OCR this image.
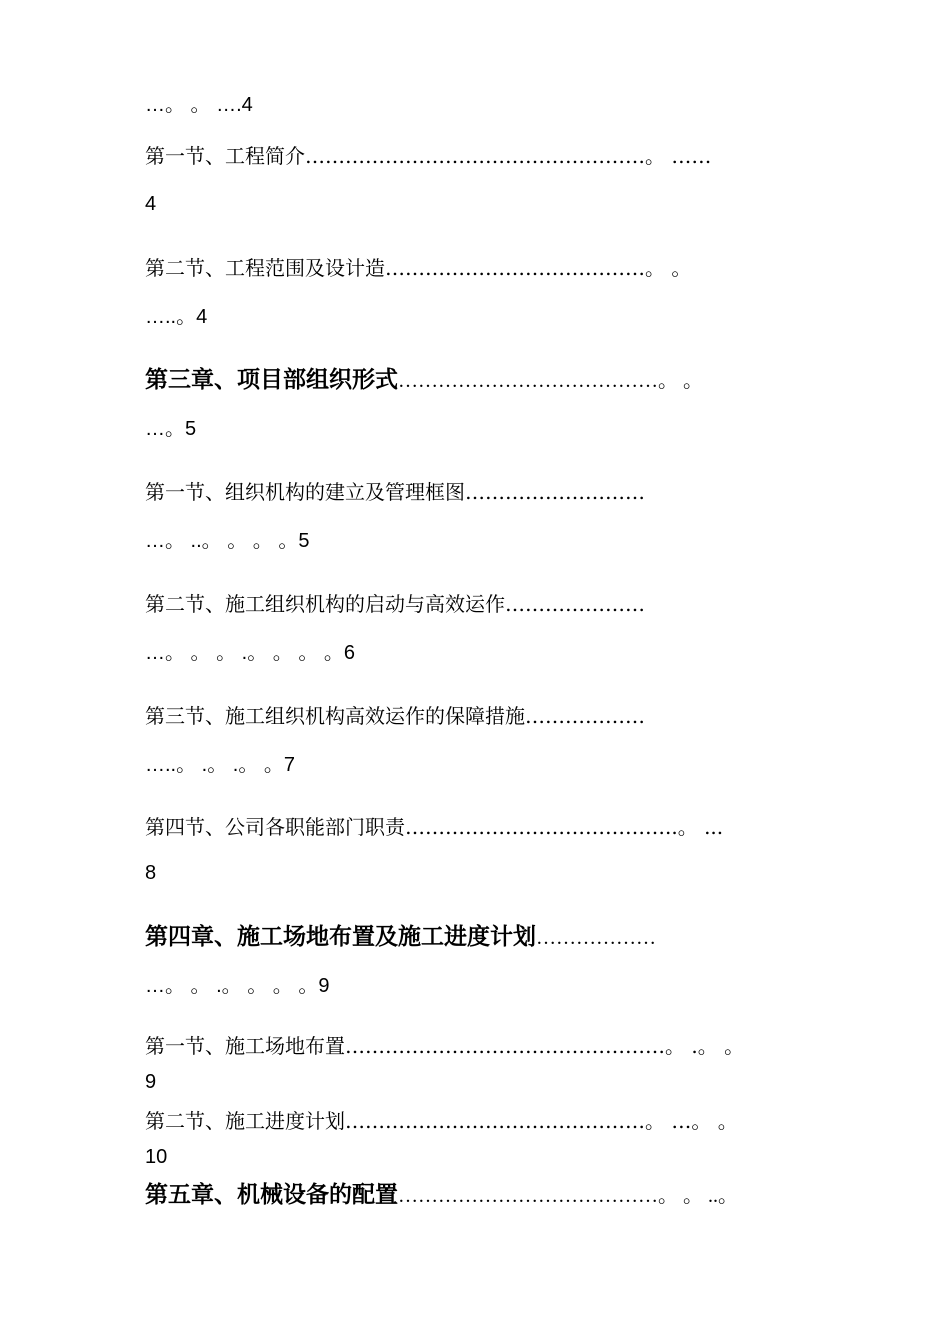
…。 。 ….4
第一节、工程简介……………………………………………。 ……
4
第二节、工程范围及设计造…………………………………。 。
…..。4
第三章、项目部组织形式…………………………………。 。
…。5
第一节、组织机构的建立及管理框图………………………
…。 ..。 。 。 。5
第二节、施工组织机构的启动与高效运作…………………
…。 。 。 .。 。 。 。6
第三节、施工组织机构高效运作的保障措施………………
…..。 .。 .。 。7
第四节、公司各职能部门职责…………………………………..。 ...
8
第四章、施工场地布置及施工进度计划………………
…。 。 .。 。 。 。9
第一节、施工场地布置…………………………………………。 .。 。
9
第二节、施工进度计划………………………………………。 …。 。
10
第五章、机械设备的配置…………………………………。 。 ..。
